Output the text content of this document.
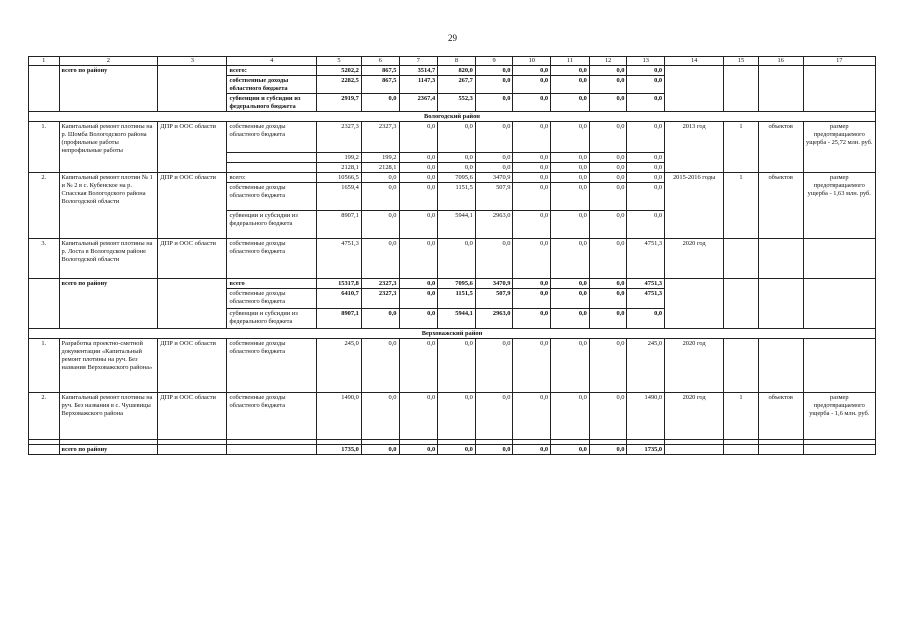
29
1	2	3	4	5	6	7	8	9	10	11	12	13	14	15	16	17
	всего по району		всего:	5202,2	867,5	3514,7	820,0	0,0	0,0	0,0	0,0	0,0				
			собственные доходы областного бюджета	2282,5	867,5	1147,3	267,7	0,0	0,0	0,0	0,0	0,0				
			субвенции и субсидии из федерального бюджета	2919,7	0,0	2367,4	552,3	0,0	0,0	0,0	0,0	0,0				
Вологодский район																
1.	Капитальный ремонт плотины на р. Шомба Вологодского района (профильные работы непрофильные работы	ДПР и ООС области	собственные доходы областного бюджета	2327,3	2327,3	0,0	0,0	0,0	0,0	0,0	0,0	0,0	2013 год	1	объектов	размер предотвращаемого ущерба - 25,72 млн. руб.
				199,2	199,2	0,0	0,0	0,0	0,0	0,0	0,0	0,0				
				2128,1	2128,1	0,0	0,0	0,0	0,0	0,0	0,0	0,0				
2.	Капитальный ремонт плотин № 1 и № 2 в с. Кубенское на р. Спасская Вологодского района Вологодской области	ДПР и ООС области	всего:	10566,5	0,0	0,0	7095,6	3470,9	0,0	0,0	0,0	0,0	2015-2016 годы	1	объектов	размер предотвращаемого ущерба - 1,63 млн. руб.
			собственные доходы областного бюджета	1659,4	0,0	0,0	1151,5	507,9	0,0	0,0	0,0	0,0				
			субвенции и субсидии из федерального бюджета	8907,1	0,0	0,0	5944,1	2963,0	0,0	0,0	0,0	0,0				
3.	Капитальный ремонт плотины на р. Лоста в Вологодском районе Вологодской области	ДПР и ООС области	собственные доходы областного бюджета	4751,3	0,0	0,0	0,0	0,0	0,0	0,0	0,0	4751,3	2020 год			
	всего по району		всего	15317,8	2327,3	0,0	7095,6	3470,9	0,0	0,0	0,0	4751,3				
			собственные доходы областного бюджета	6410,7	2327,3	0,0	1151,5	507,9	0,0	0,0	0,0	4751,3				
			субвенции и субсидии из федерального бюджета	8907,1	0,0	0,0	5944,1	2963,0	0,0	0,0	0,0	0,0				
Верховажский район																
1.	Разработка проектно-сметной документации «Капитальный ремонт плотины на руч. Без названия Верховажского района»	ДПР и ООС области	собственные доходы областного бюджета	245,0	0,0	0,0	0,0	0,0	0,0	0,0	0,0	245,0	2020 год			
2.	Капитальный ремонт плотины на руч. Без названия в с. Чушевицы Верховажского района	ДПР и ООС области	собственные доходы областного бюджета	1490,0	0,0	0,0	0,0	0,0	0,0	0,0	0,0	1490,0	2020 год	1	объектов	размер предотвращаемого ущерба - 1,6 млн. руб.

	всего по району			1735,0	0,0	0,0	0,0	0,0	0,0	0,0	0,0	1735,0				
